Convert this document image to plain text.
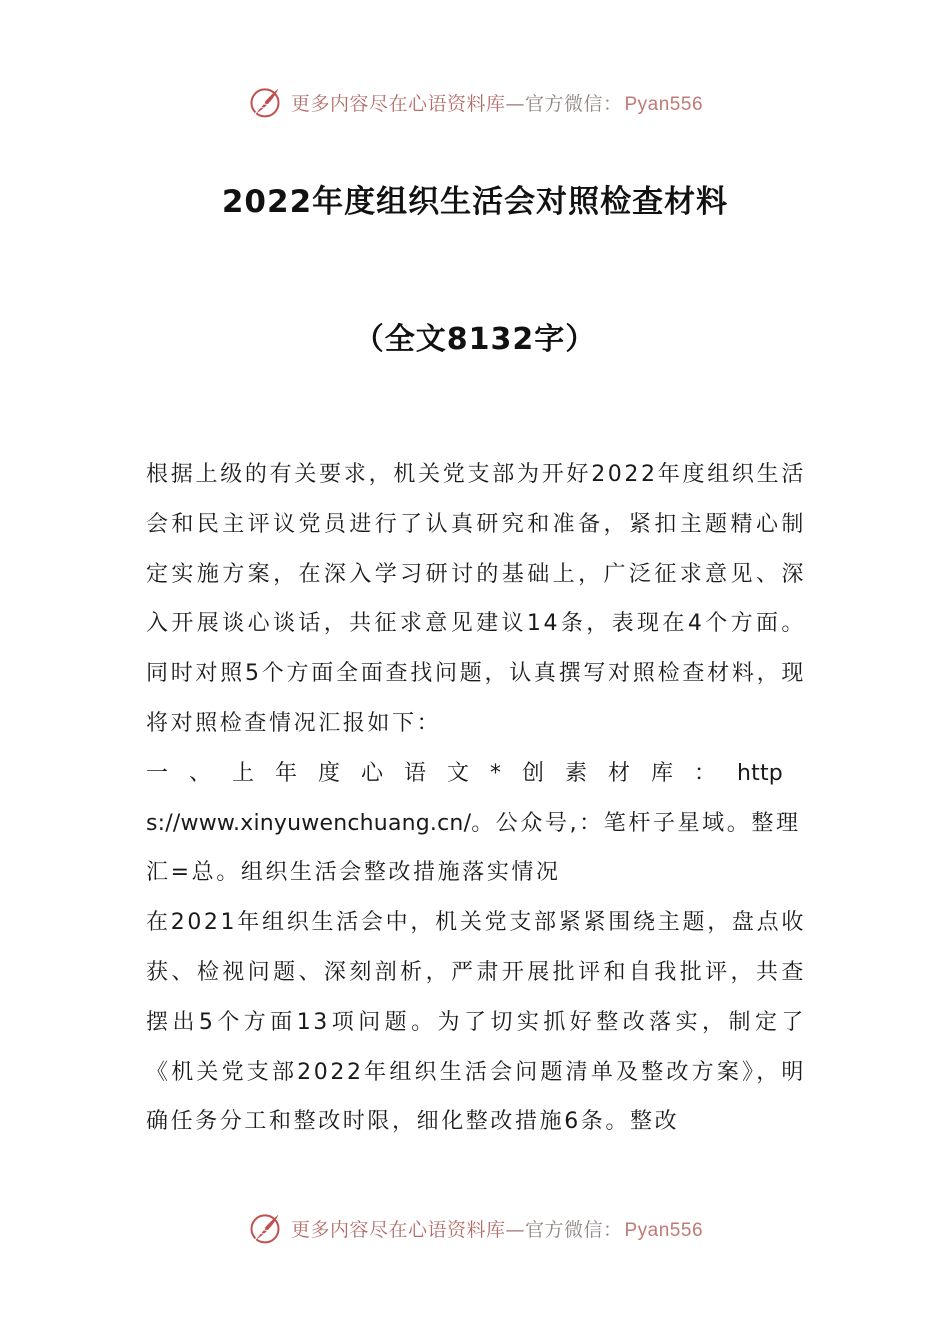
更多内容尽在心语资料库—官方微信： Pyan556
2022年度组织生活会对照检查材料
（全文8132字）

根据上级的有关要求，机关党支部为开好2022年度组织生活会和民主评议党员进行了认真研究和准备，紧扣主题精心制定实施方案，在深入学习研讨的基础上，广泛征求意见、深入开展谈心谈话，共征求意见建议14条，表现在4个方面。同时对照5个方面全面查找问题，认真撰写对照检查材料，现将对照检查情况汇报如下：

一、上年度心语文*创素材库：https://www.xinyuwenchuang.cn/。公众号,：笔杆子星域。整理汇=总。组织生活会整改措施落实情况

在2021年组织生活会中，机关党支部紧紧围绕主题，盘点收获、检视问题、深刻剖析，严肃开展批评和自我批评，共查摆出5个方面13项问题。为了切实抓好整改落实，制定了《机关党支部2022年组织生活会问题清单及整改方案》，明确任务分工和整改时限，细化整改措施6条。整改

更多内容尽在心语资料库—官方微信： Pyan556
